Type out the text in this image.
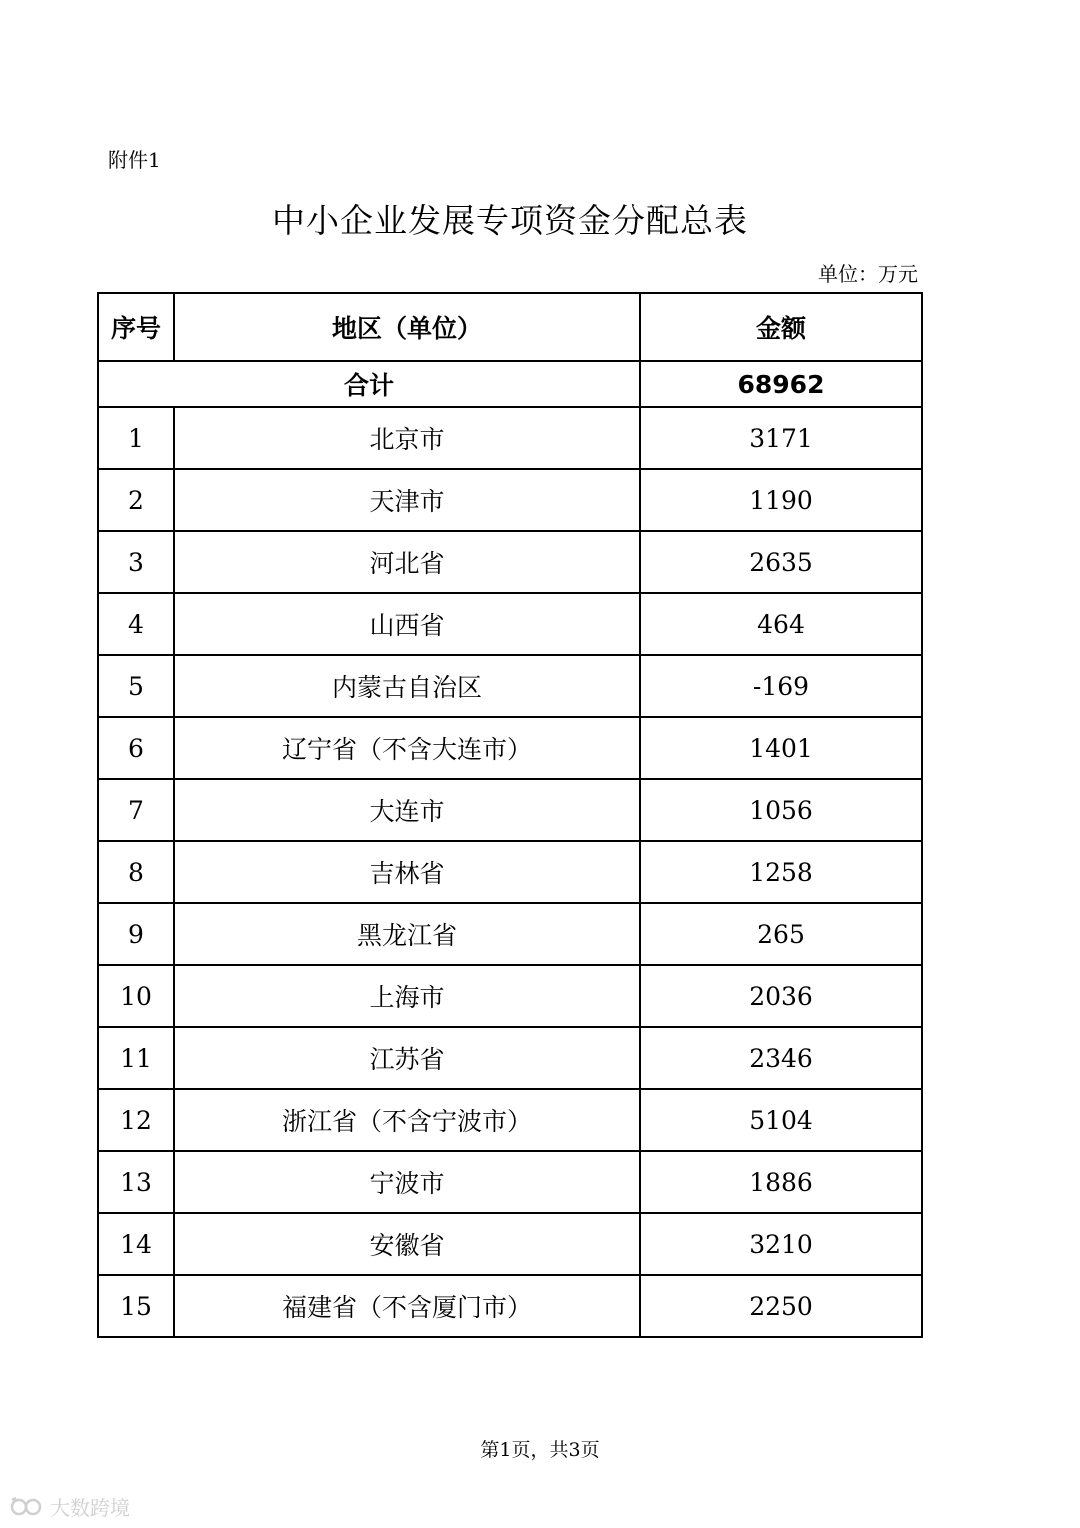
附件1
中小企业发展专项资金分配总表
单位：万元
序号	地区（单位）	金额
合计		68962
1	北京市	3171
2	天津市	1190
3	河北省	2635
4	山西省	464
5	内蒙古自治区	-169
6	辽宁省（不含大连市）	1401
7	大连市	1056
8	吉林省	1258
9	黑龙江省	265
10	上海市	2036
11	江苏省	2346
12	浙江省（不含宁波市）	5104
13	宁波市	1886
14	安徽省	3210
15	福建省（不含厦门市）	2250
第1页，共3页
大数跨境
